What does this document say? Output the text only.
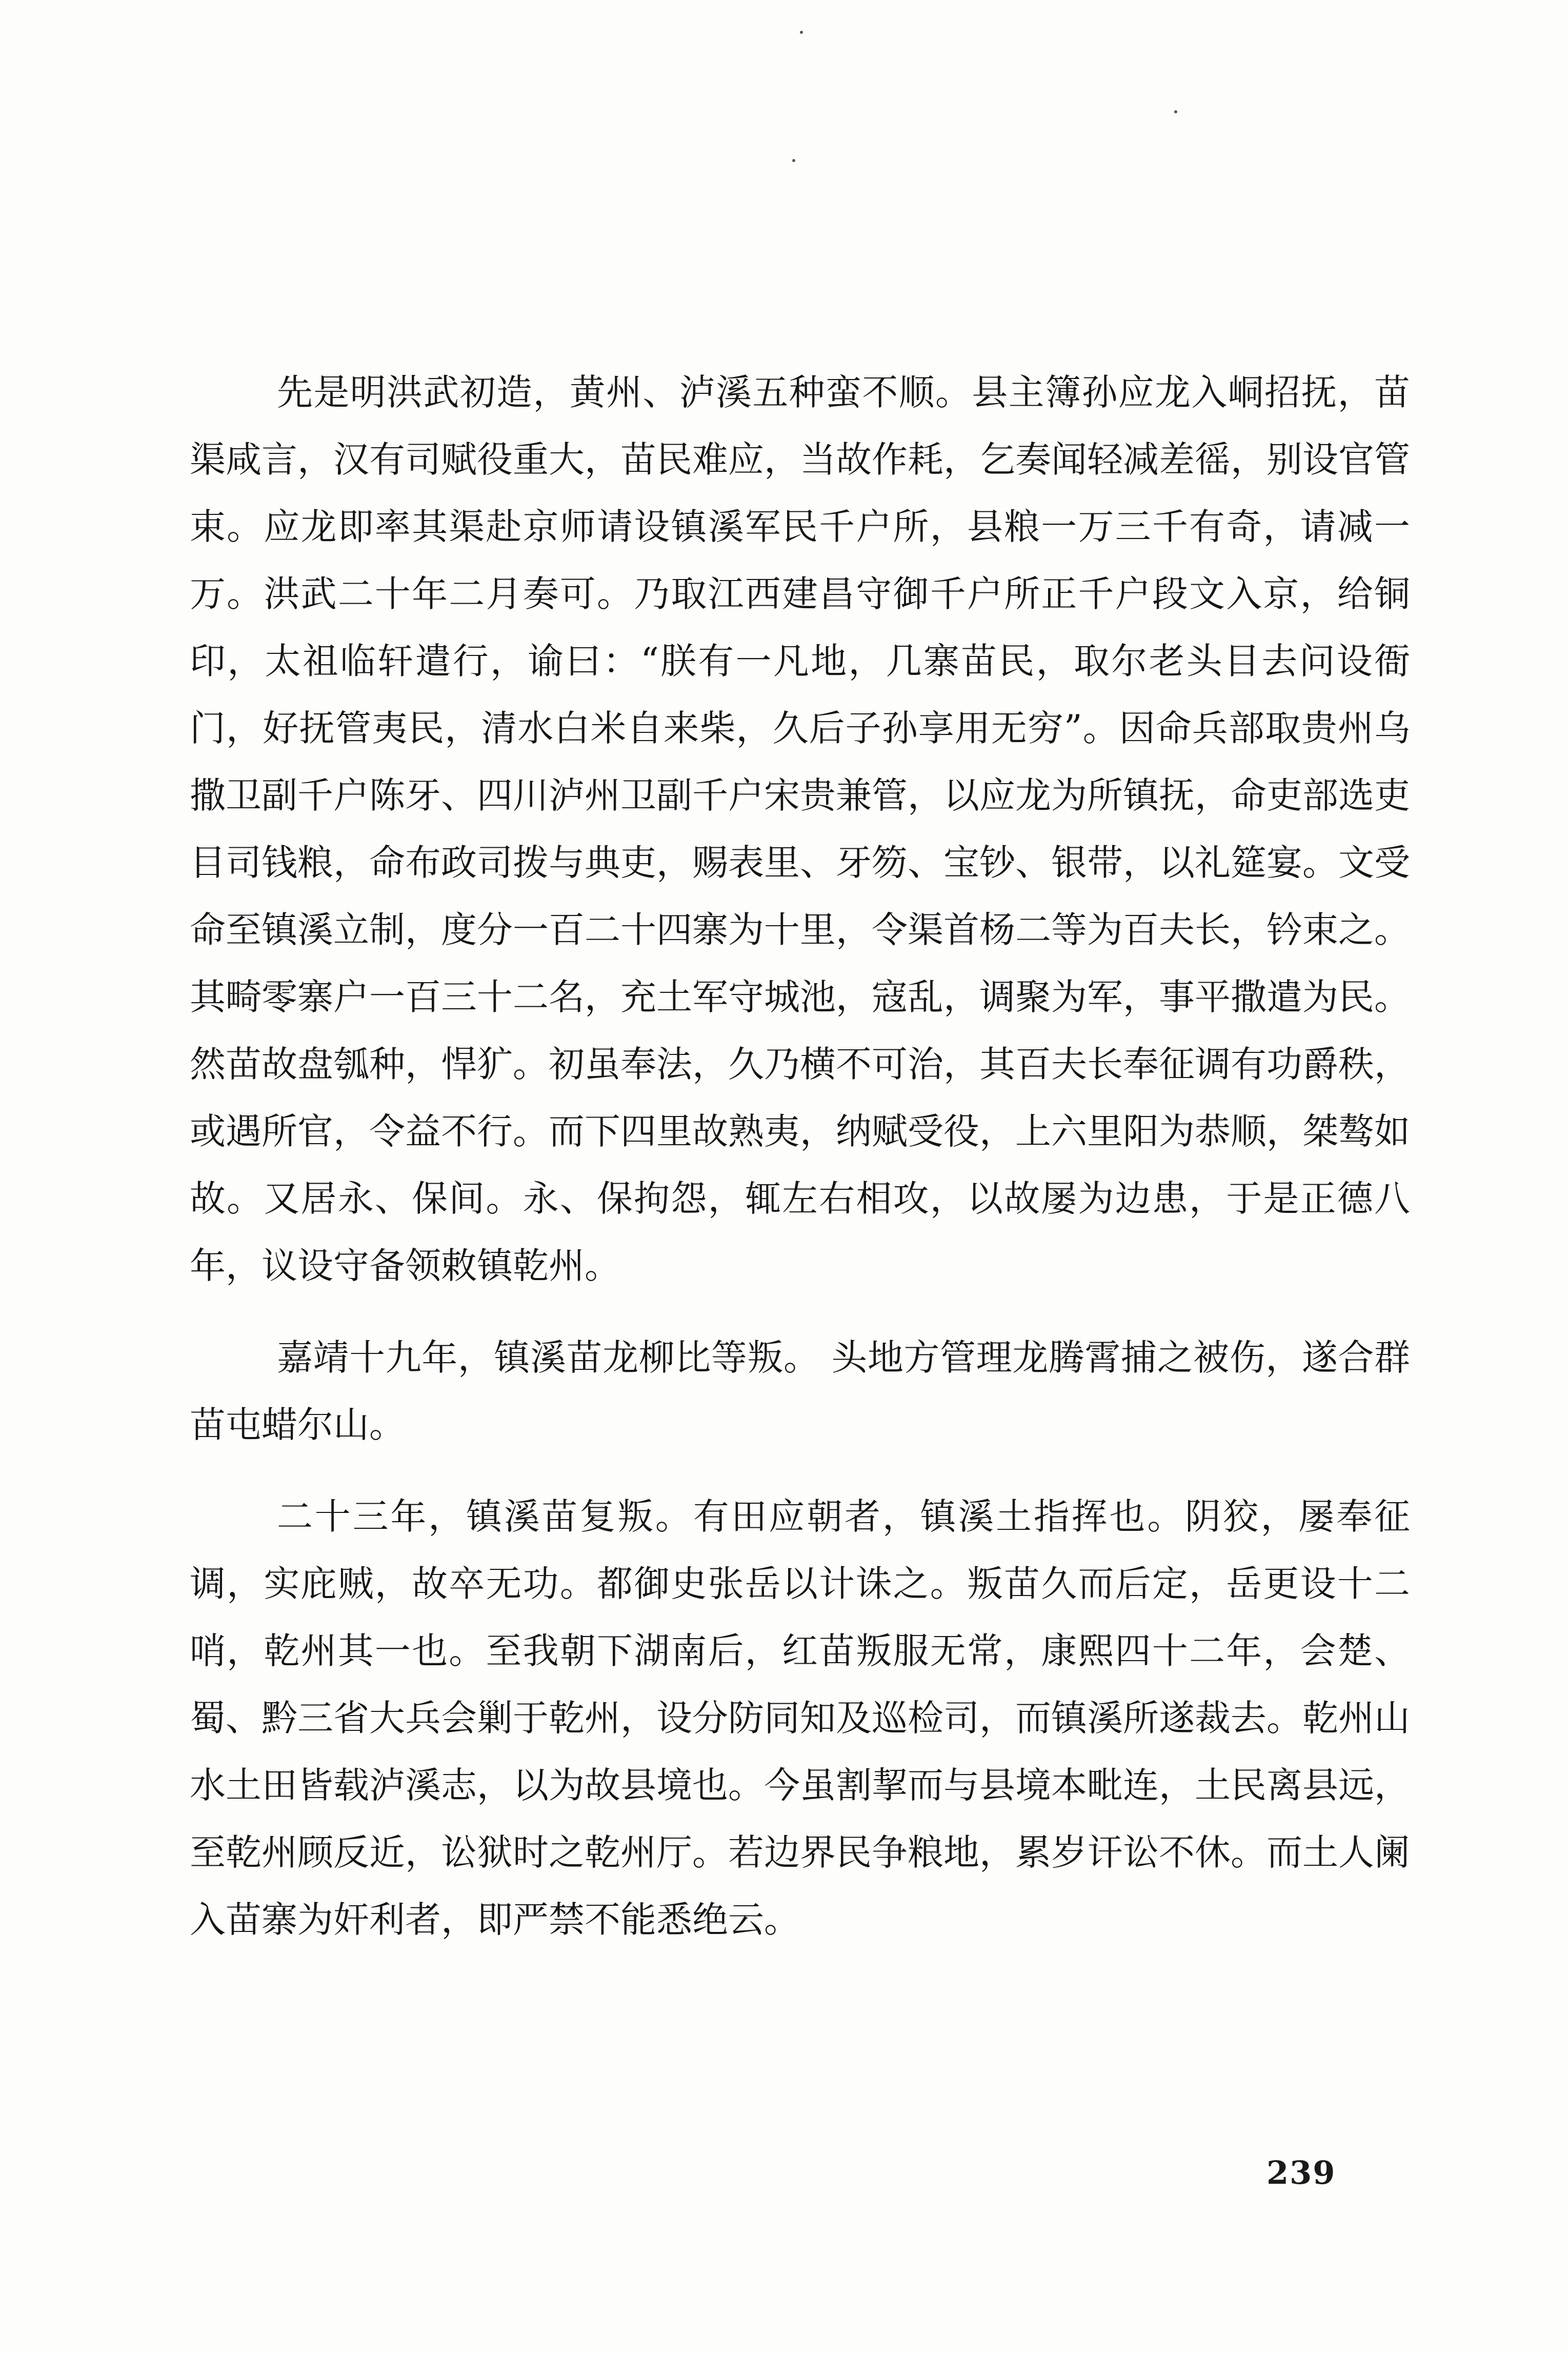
先是明洪武初造，黄州、泸溪五种蛮不顺。县主簿孙应龙入峒招抚，苗渠咸言，汉有司赋役重大，苗民难应，当故作耗，乞奏闻轻减差徭，别设官管束。应龙即率其渠赴京师请设镇溪军民千户所，县粮一万三千有奇，请减一万。洪武二十年二月奏可。乃取江西建昌守御千户所正千户段文入京，给铜印，太祖临轩遣行，谕曰：“朕有一凡地，几寨苗民，取尔老头目去问设衙门，好抚管夷民，清水白米自来柴，久后子孙享用无穷”。因命兵部取贵州乌撒卫副千户陈牙、四川泸州卫副千户宋贵兼管，以应龙为所镇抚，命吏部选吏目司钱粮，命布政司拨与典吏，赐表里、牙笏、宝钞、银带，以礼筵宴。文受命至镇溪立制，度分一百二十四寨为十里，令渠首杨二等为百夫长，钤束之。其畸零寨户一百三十二名，充土军守城池，寇乱，调聚为军，事平撒遣为民。然苗故盘瓠种，悍犷。初虽奉法，久乃横不可治，其百夫长奉征调有功爵秩，或遇所官，令益不行。而下四里故熟夷，纳赋受役，上六里阳为恭顺，桀骜如故。又居永、保间。永、保拘怨，辄左右相攻，以故屡为边患，于是正德八年，议设守备领敕镇乾州。

嘉靖十九年，镇溪苗龙柳比等叛。 头地方管理龙腾霄捕之被伤，遂合群苗屯蜡尔山。

二十三年，镇溪苗复叛。有田应朝者，镇溪土指挥也。阴狡，屡奉征调，实庇贼，故卒无功。都御史张岳以计诛之。叛苗久而后定，岳更设十二哨，乾州其一也。至我朝下湖南后，红苗叛服无常，康熙四十二年，会楚、蜀、黔三省大兵会剿于乾州，设分防同知及巡检司，而镇溪所遂裁去。乾州山水土田皆载泸溪志，以为故县境也。今虽割挈而与县境本毗连，土民离县远，至乾州顾反近，讼狱时之乾州厅。若边界民争粮地，累岁讦讼不休。而土人阑入苗寨为奸利者，即严禁不能悉绝云。

239
